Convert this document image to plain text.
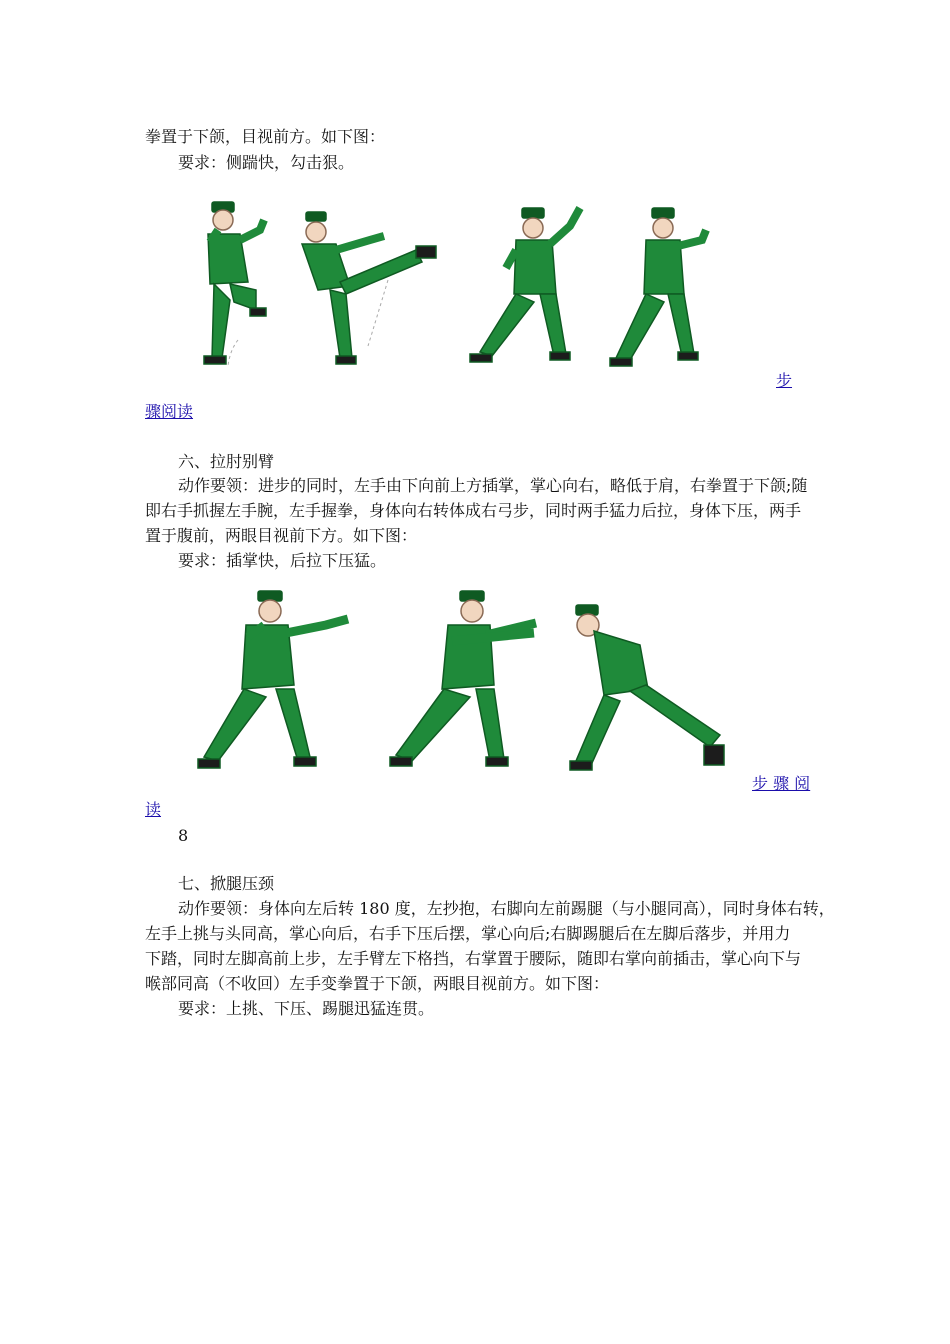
拳置于下颌，目视前方。如下图：
要求：侧踹快，勾击狠。
步
骤阅读
六、拉肘别臂
动作要领：进步的同时，左手由下向前上方插掌，掌心向右，略低于肩，右拳置于下颌;随
即右手抓握左手腕，左手握拳，身体向右转体成右弓步，同时两手猛力后拉，身体下压，两手
置于腹前，两眼目视前下方。如下图：
要求：插掌快，后拉下压猛。
步 骤 阅
读
8
七、掀腿压颈
动作要领：身体向左后转 180 度，左抄抱，右脚向左前踢腿（与小腿同高），同时身体右转，
左手上挑与头同高，掌心向后，右手下压后摆，掌心向后;右脚踢腿后在左脚后落步，并用力
下踏，同时左脚高前上步，左手臂左下格挡，右掌置于腰际，随即右掌向前插击，掌心向下与
喉部同高（不收回）左手变拳置于下颌，两眼目视前方。如下图：
要求：上挑、下压、踢腿迅猛连贯。
